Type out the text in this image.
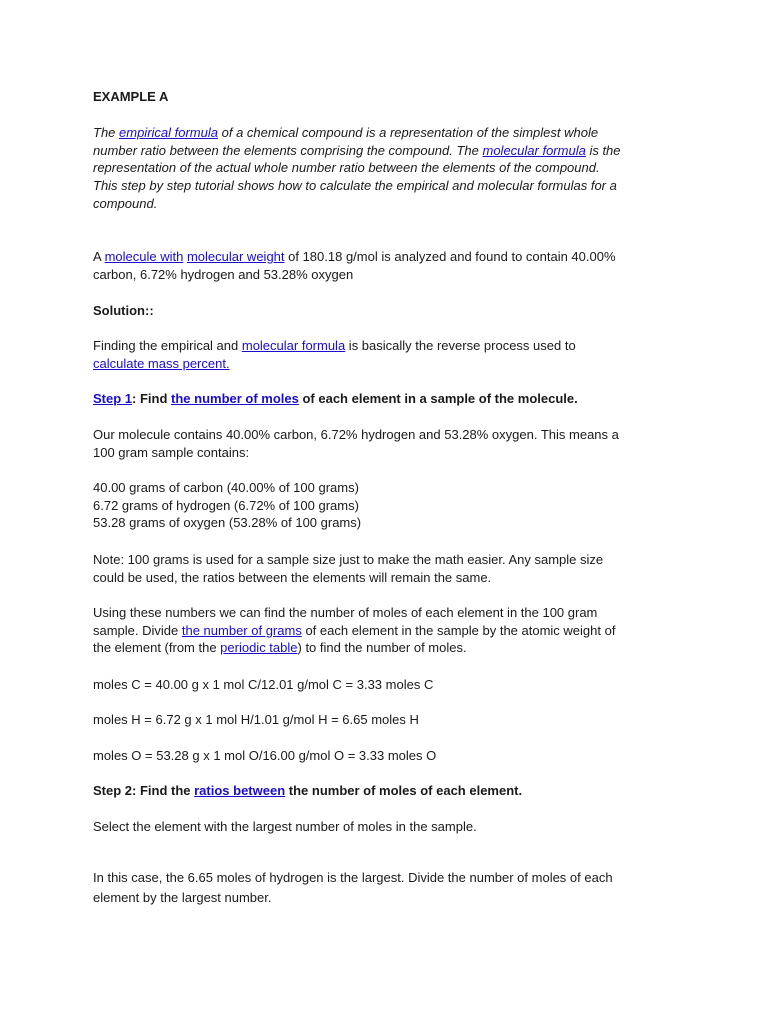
EXAMPLE A

The empirical formula of a chemical compound is a representation of the simplest whole

number ratio between the elements comprising the compound. The molecular formula is the

representation of the actual whole number ratio between the elements of the compound.

This step by step tutorial shows how to calculate the empirical and molecular formulas for a

compound.

A molecule with molecular weight of 180.18 g/mol is analyzed and found to contain 40.00%

carbon, 6.72% hydrogen and 53.28% oxygen

Solution::

Finding the empirical and molecular formula is basically the reverse process used to

calculate mass percent.

Step 1: Find the number of moles of each element in a sample of the molecule.

Our molecule contains 40.00% carbon, 6.72% hydrogen and 53.28% oxygen. This means a

100 gram sample contains:

40.00 grams of carbon (40.00% of 100 grams)

6.72 grams of hydrogen (6.72% of 100 grams)

53.28 grams of oxygen (53.28% of 100 grams)

Note: 100 grams is used for a sample size just to make the math easier. Any sample size

could be used, the ratios between the elements will remain the same.

Using these numbers we can find the number of moles of each element in the 100 gram

sample. Divide the number of grams of each element in the sample by the atomic weight of

the element (from the periodic table) to find the number of moles.

moles C = 40.00 g x 1 mol C/12.01 g/mol C = 3.33 moles C

moles H = 6.72 g x 1 mol H/1.01 g/mol H = 6.65 moles H

moles O = 53.28 g x 1 mol O/16.00 g/mol O = 3.33 moles O

Step 2: Find the ratios between the number of moles of each element.

Select the element with the largest number of moles in the sample.

In this case, the 6.65 moles of hydrogen is the largest. Divide the number of moles of each

element by the largest number.
